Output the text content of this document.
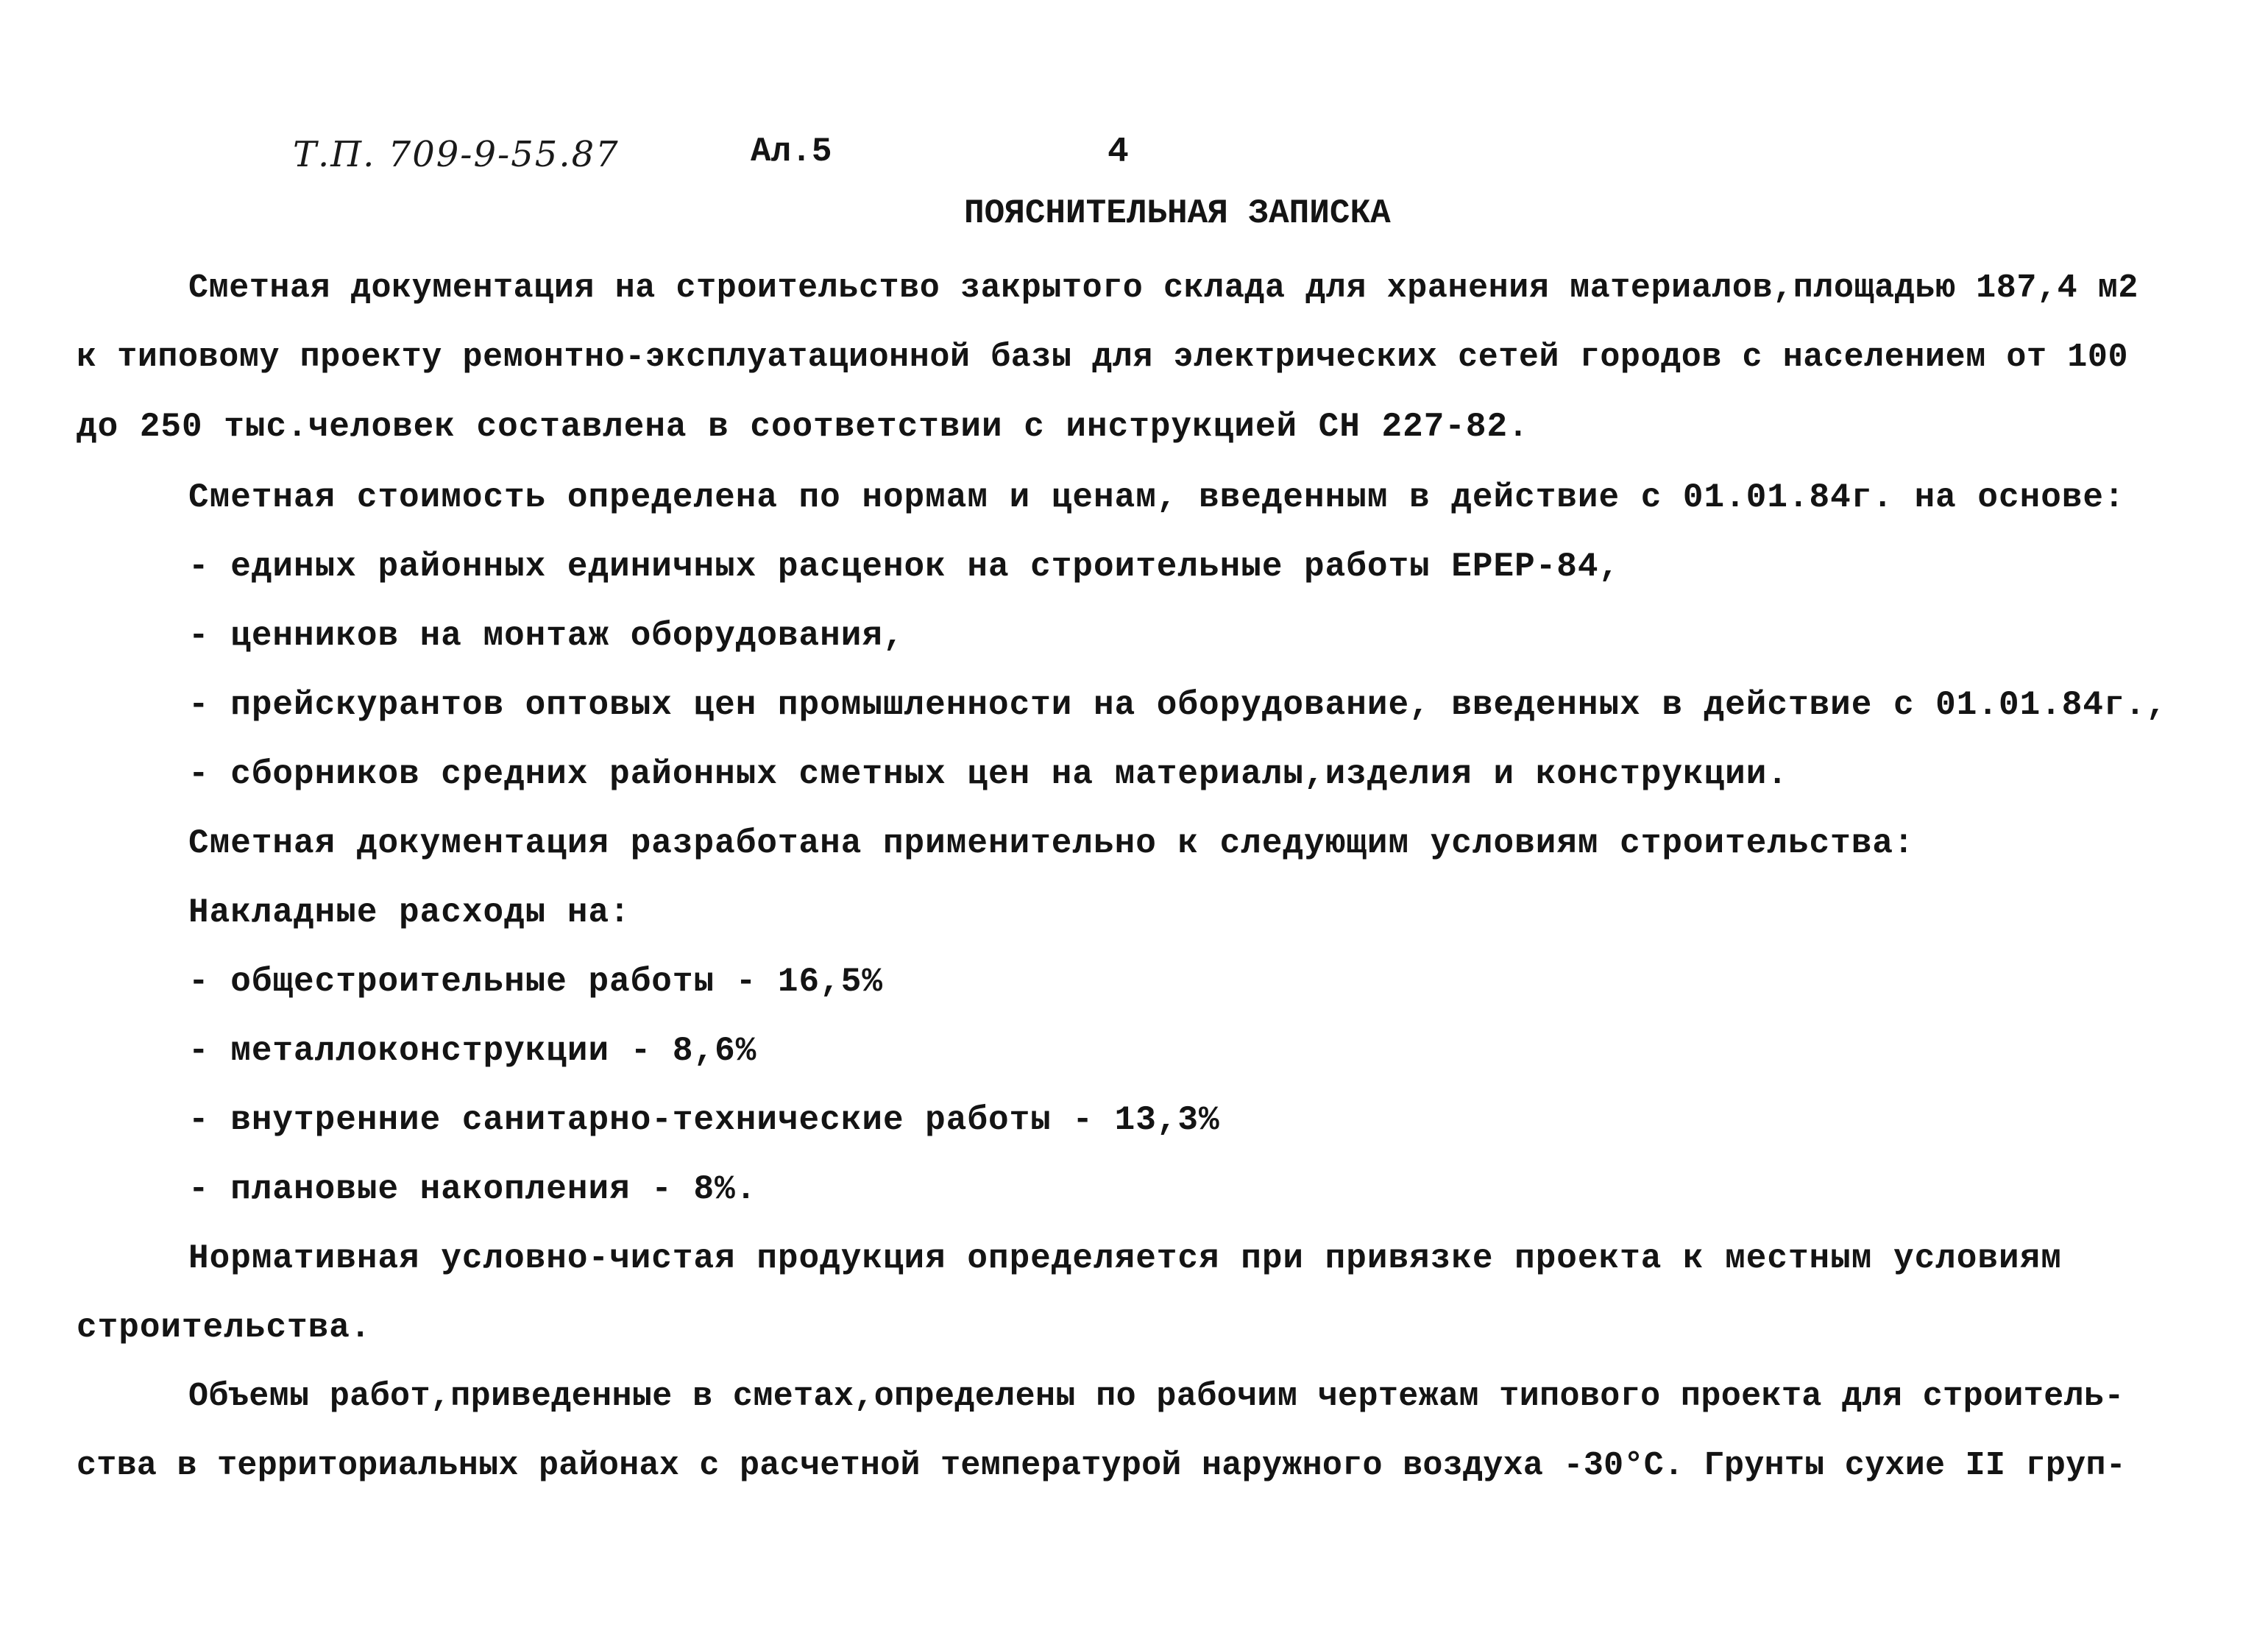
Т.П. 709-9-55.87	Ал.5	4
ПОЯСНИТЕЛЬНАЯ ЗАПИСКА
Сметная документация на строительство закрытого склада для хранения материалов,площадью 187,4 м2
к типовому проекту ремонтно-эксплуатационной базы для электрических сетей городов с населением от 100
до 250 тыс.человек составлена в соответствии с инструкцией СН 227-82.
Сметная стоимость определена по нормам и ценам, введенным в действие с 01.01.84г. на основе:
- единых районных единичных расценок на строительные работы ЕРЕР-84,
- ценников на монтаж оборудования,
- прейскурантов оптовых цен промышленности на оборудование, введенных в действие с 01.01.84г.,
- сборников средних районных сметных цен на материалы,изделия и конструкции.
Сметная документация разработана применительно к следующим условиям строительства:
Накладные расходы на:
- общестроительные работы - 16,5%
- металлоконструкции - 8,6%
- внутренние санитарно-технические работы - 13,3%
- плановые накопления - 8%.
Нормативная условно-чистая продукция определяется при привязке проекта к местным условиям
строительства.
Объемы работ,приведенные в сметах,определены по рабочим чертежам типового проекта для строитель-
ства в территориальных районах с расчетной температурой наружного воздуха -30°С. Грунты сухие II груп-
